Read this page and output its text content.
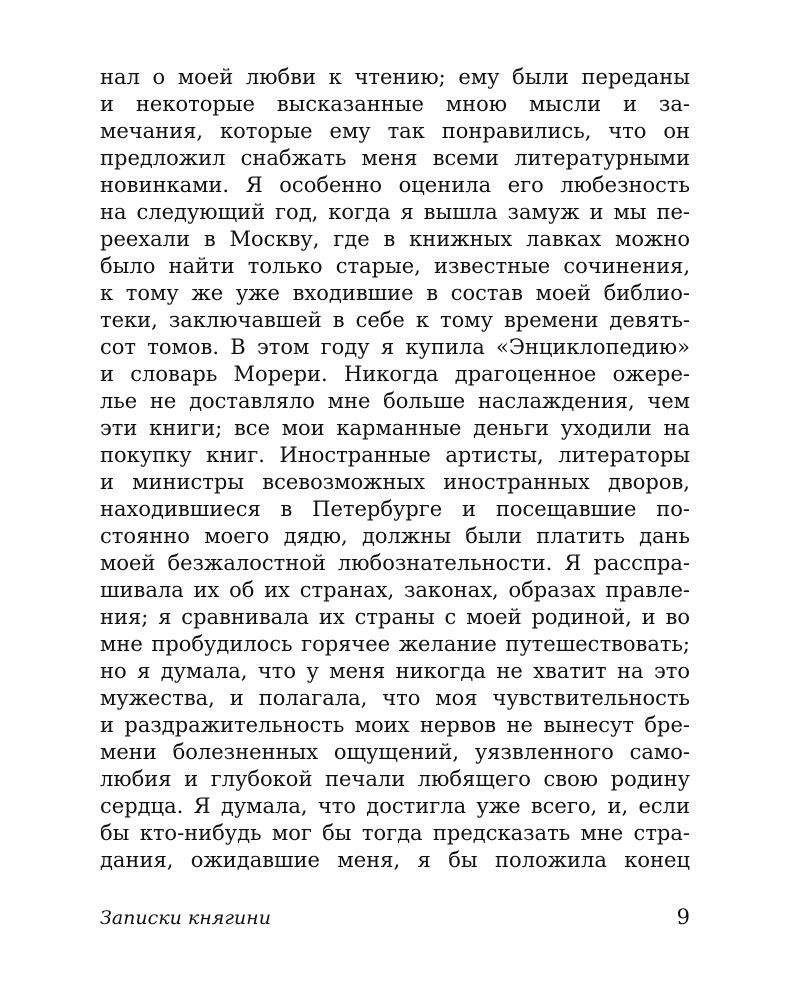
нал о моей любви к чтению; ему были переданы
и некоторые высказанные мною мысли и за-
мечания, которые ему так понравились, что он
предложил снабжать меня всеми литературными
новинками. Я особенно оценила его любезность
на следующий год, когда я вышла замуж и мы пе-
реехали в Москву, где в книжных лавках можно
было найти только старые, известные сочинения,
к тому же уже входившие в состав моей библио-
теки, заключавшей в себе к тому времени девять-
сот томов. В этом году я купила «Энциклопедию»
и словарь Морери. Никогда драгоценное ожере-
лье не доставляло мне больше наслаждения, чем
эти книги; все мои карманные деньги уходили на
покупку книг. Иностранные артисты, литераторы
и министры всевозможных иностранных дворов,
находившиеся в Петербурге и посещавшие по-
стоянно моего дядю, должны были платить дань
моей безжалостной любознательности. Я расспра-
шивала их об их странах, законах, образах правле-
ния; я сравнивала их страны с моей родиной, и во
мне пробудилось горячее желание путешествовать;
но я думала, что у меня никогда не хватит на это
мужества, и полагала, что моя чувствительность
и раздражительность моих нервов не вынесут бре-
мени болезненных ощущений, уязвленного само-
любия и глубокой печали любящего свою родину
сердца. Я думала, что достигла уже всего, и, если
бы кто-нибудь мог бы тогда предсказать мне стра-
дания, ожидавшие меня, я бы положила конец
Записки княгини	9
